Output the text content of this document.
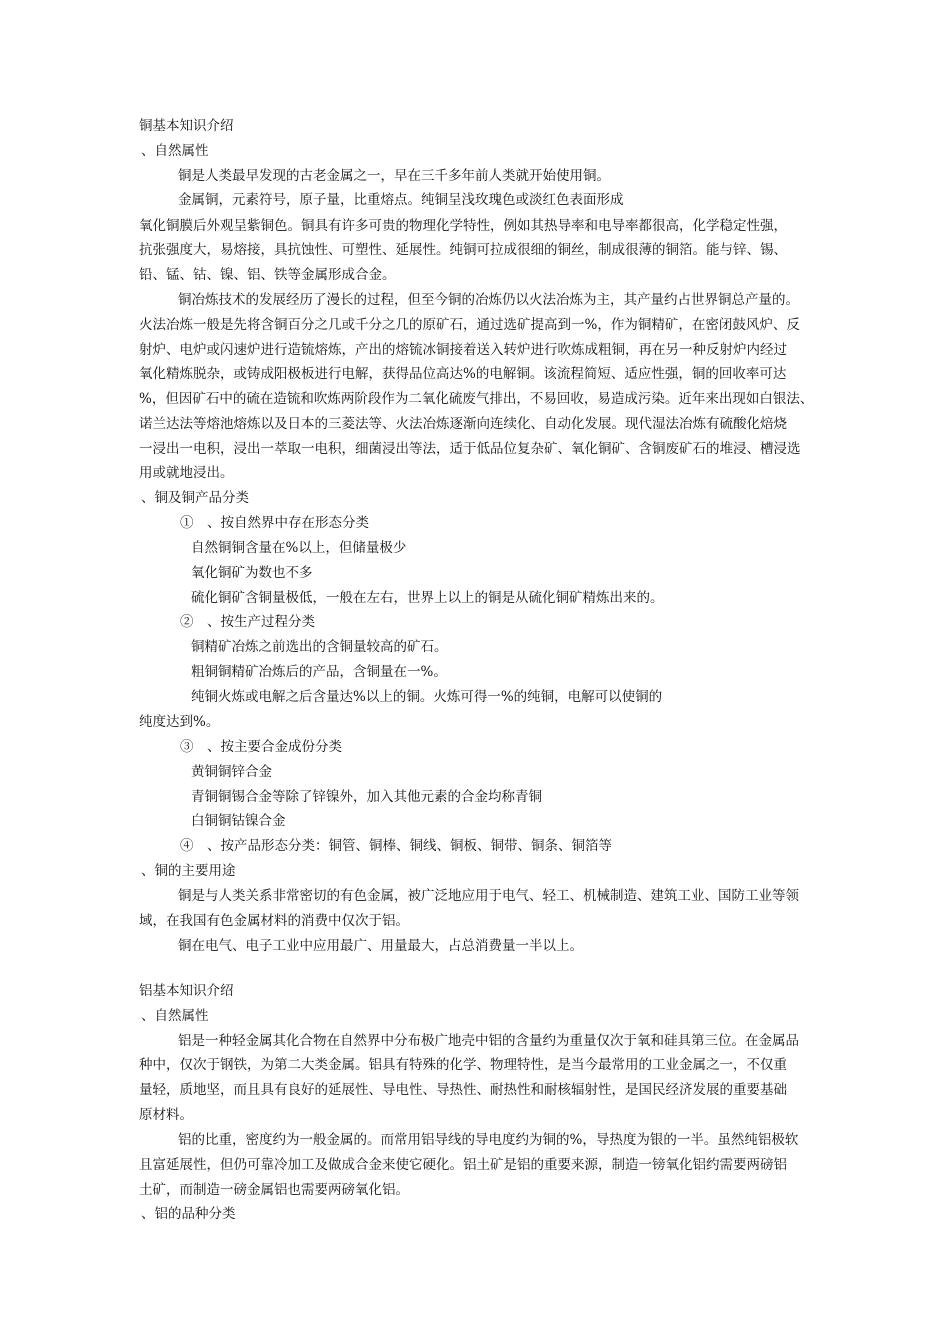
铜基本知识介绍

、自然属性

铜是人类最早发现的古老金属之一，早在三千多年前人类就开始使用铜。

金属铜，元素符号，原子量，比重熔点。纯铜呈浅玫瑰色或淡红色表面形成

氧化铜膜后外观呈紫铜色。铜具有许多可贵的物理化学特性，例如其热导率和电导率都很高，化学稳定性强，

抗张强度大，易熔接，具抗蚀性、可塑性、延展性。纯铜可拉成很细的铜丝，制成很薄的铜箔。能与锌、锡、

铅、锰、钴、镍、铝、铁等金属形成合金。

铜冶炼技术的发展经历了漫长的过程，但至今铜的冶炼仍以火法冶炼为主，其产量约占世界铜总产量的。

火法冶炼一般是先将含铜百分之几或千分之几的原矿石，通过选矿提高到一%，作为铜精矿，在密闭鼓风炉、反

射炉、电炉或闪速炉进行造锍熔炼，产出的熔锍冰铜接着送入转炉进行吹炼成粗铜，再在另一种反射炉内经过

氧化精炼脱杂，或铸成阳极板进行电解，获得品位高达%的电解铜。该流程简短、适应性强，铜的回收率可达

%，但因矿石中的硫在造锍和吹炼两阶段作为二氧化硫废气排出，不易回收，易造成污染。近年来出现如白银法、

诺兰达法等熔池熔炼以及日本的三菱法等、火法冶炼逐渐向连续化、自动化发展。现代湿法冶炼有硫酸化焙烧

一浸出一电积，浸出一萃取一电积，细菌浸出等法，适于低品位复杂矿、氧化铜矿、含铜废矿石的堆浸、槽浸选

用或就地浸出。

、铜及铜产品分类

①　、按自然界中存在形态分类

自然铜铜含量在%以上，但储量极少

氧化铜矿为数也不多

硫化铜矿含铜量极低，一般在左右，世界上以上的铜是从硫化铜矿精炼出来的。

②　、按生产过程分类

铜精矿冶炼之前选出的含铜量较高的矿石。

粗铜铜精矿冶炼后的产品，含铜量在一%。

纯铜火炼或电解之后含量达%以上的铜。火炼可得一%的纯铜，电解可以使铜的

纯度达到%。

③　、按主要合金成份分类

黄铜铜锌合金

青铜铜锡合金等除了锌镍外，加入其他元素的合金均称青铜

白铜铜钴镍合金

④　、按产品形态分类：铜管、铜棒、铜线、铜板、铜带、铜条、铜箔等

、铜的主要用途

铜是与人类关系非常密切的有色金属，被广泛地应用于电气、轻工、机械制造、建筑工业、国防工业等领

域，在我国有色金属材料的消费中仅次于铝。

铜在电气、电子工业中应用最广、用量最大，占总消费量一半以上。

铝基本知识介绍

、自然属性

铝是一种轻金属其化合物在自然界中分布极广地壳中铝的含量约为重量仅次于氧和硅具第三位。在金属品

种中，仅次于钢铁，为第二大类金属。铝具有特殊的化学、物理特性，是当今最常用的工业金属之一，不仅重

量轻，质地坚，而且具有良好的延展性、导电性、导热性、耐热性和耐核辐射性，是国民经济发展的重要基础

原材料。

铝的比重，密度约为一般金属的。而常用铝导线的导电度约为铜的%，导热度为银的一半。虽然纯铝极软

且富延展性，但仍可靠冷加工及做成合金来使它硬化。铝土矿是铝的重要来源，制造一镑氧化铝约需要两磅铝

土矿，而制造一磅金属铝也需要两磅氧化铝。

、铝的品种分类
